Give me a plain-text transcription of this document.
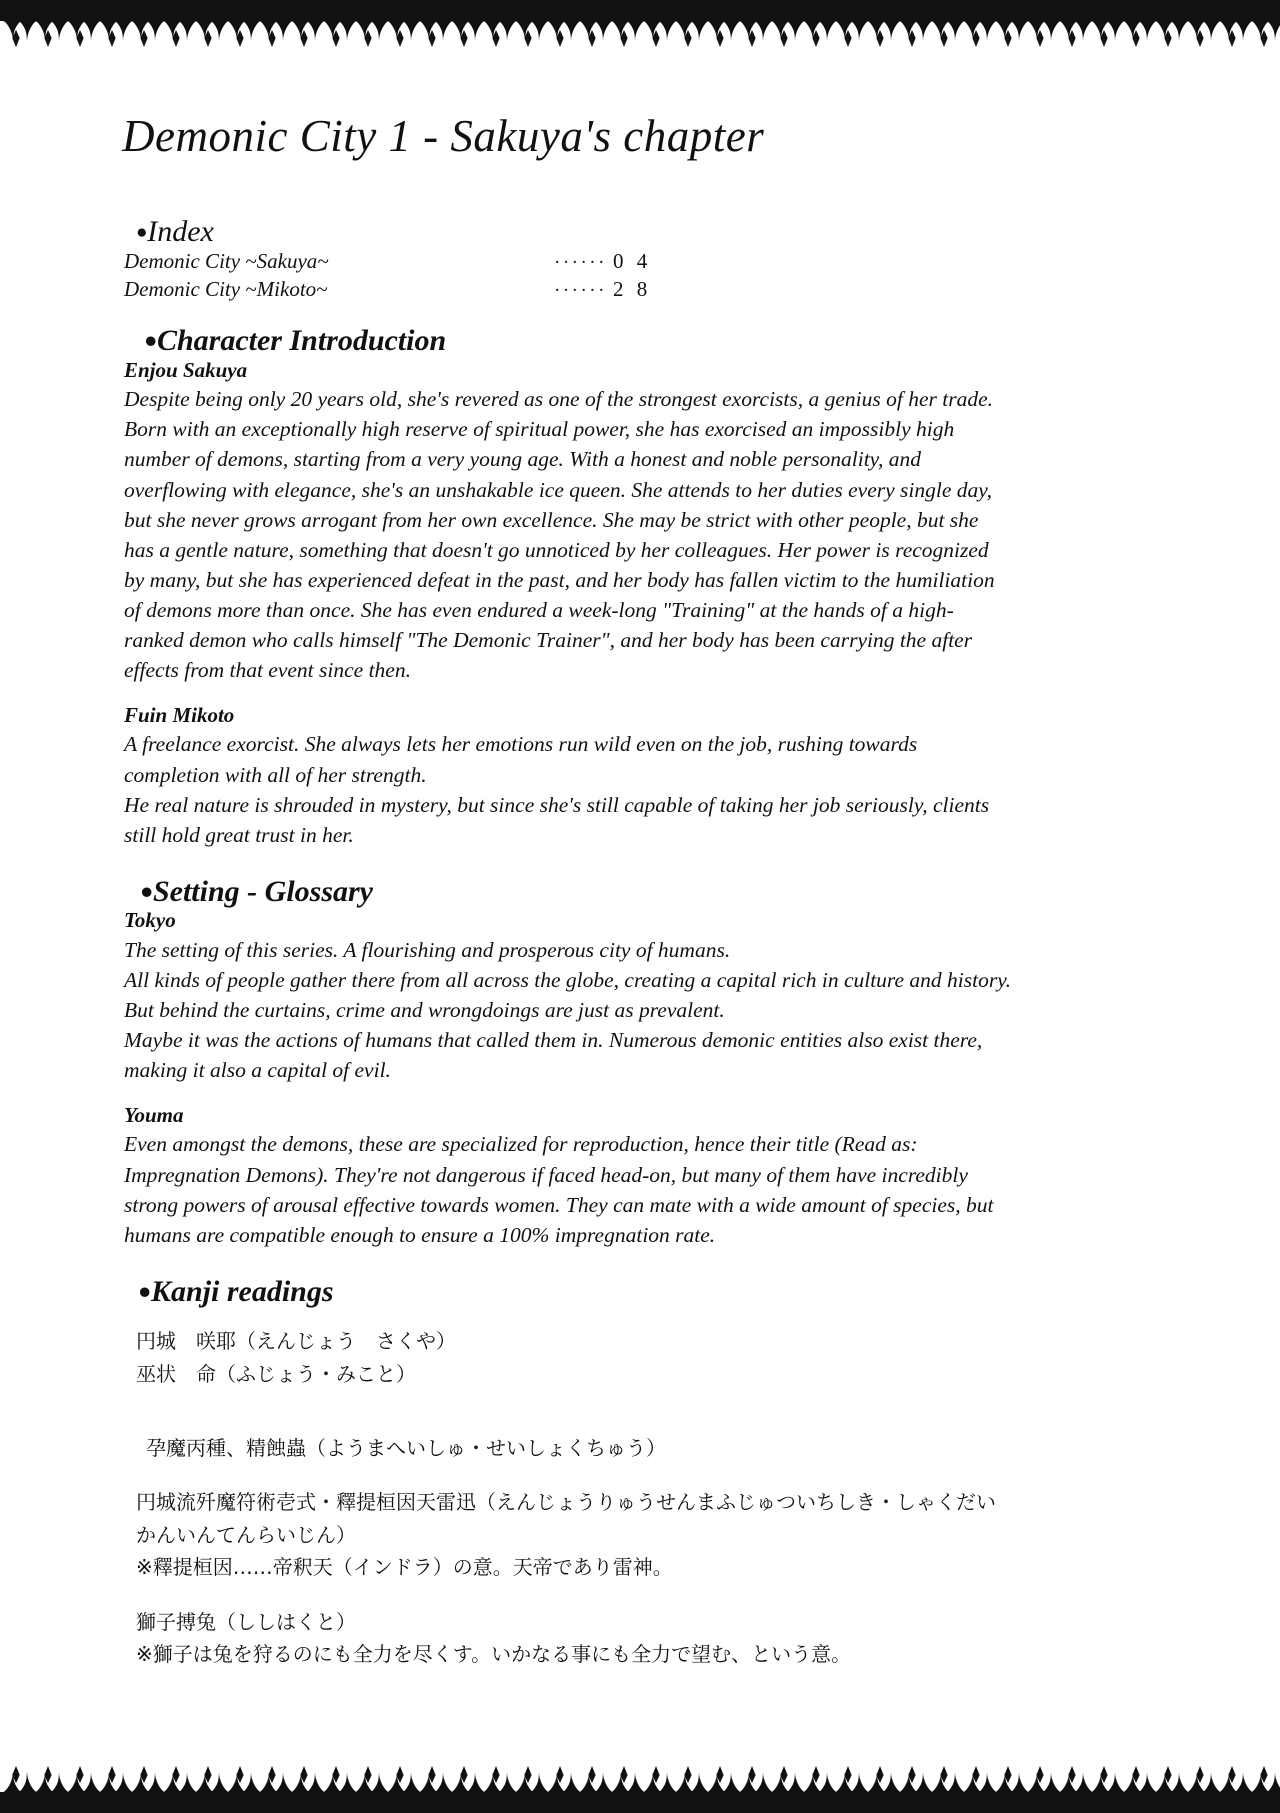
Demonic City 1 - Sakuya's chapter
●Index
Demonic City ~Sakuya~	······ 0 4
Demonic City ~Mikoto~	······ 2 8
●Character Introduction
Enjou Sakuya

Despite being only 20 years old, she's revered as one of the strongest exorcists, a genius of her trade. Born with an exceptionally high reserve of spiritual power, she has exorcised an impossibly high number of demons, starting from a very young age. With a honest and noble personality, and overflowing with elegance, she's an unshakable ice queen. She attends to her duties every single day, but she never grows arrogant from her own excellence. She may be strict with other people, but she has a gentle nature, something that doesn't go unnoticed by her colleagues. Her power is recognized by many, but she has experienced defeat in the past, and her body has fallen victim to the humiliation of demons more than once. She has even endured a week-long "Training" at the hands of a high-ranked demon who calls himself "The Demonic Trainer", and her body has been carrying the after effects from that event since then.

Fuin Mikoto

A freelance exorcist. She always lets her emotions run wild even on the job, rushing towards completion with all of her strength.

He real nature is shrouded in mystery, but since she's still capable of taking her job seriously, clients still hold great trust in her.

●Setting - Glossary
Tokyo

The setting of this series. A flourishing and prosperous city of humans.

All kinds of people gather there from all across the globe, creating a capital rich in culture and history. But behind the curtains, crime and wrongdoings are just as prevalent.

Maybe it was the actions of humans that called them in. Numerous demonic entities also exist there, making it also a capital of evil.

Youma

Even amongst the demons, these are specialized for reproduction, hence their title (Read as: Impregnation Demons). They're not dangerous if faced head-on, but many of them have incredibly strong powers of arousal effective towards women. They can mate with a wide amount of species, but humans are compatible enough to ensure a 100% impregnation rate.

●Kanji readings
円城　咲耶（えんじょう　さくや）
巫状　命（ふじょう・みこと）
孕魔丙種、精蝕蟲（ようまへいしゅ・せいしょくちゅう）
円城流歼魔符術壱式・釋提桓因天雷迅（えんじょうりゅうせんまふじゅついちしき・しゃくだい
かんいんてんらいじん）
※釋提桓因……帝釈天（インドラ）の意。天帝であり雷神。
獅子搏兔（ししはくと）
※獅子は兔を狩るのにも全力を尽くす。いかなる事にも全力で望む、という意。
3
